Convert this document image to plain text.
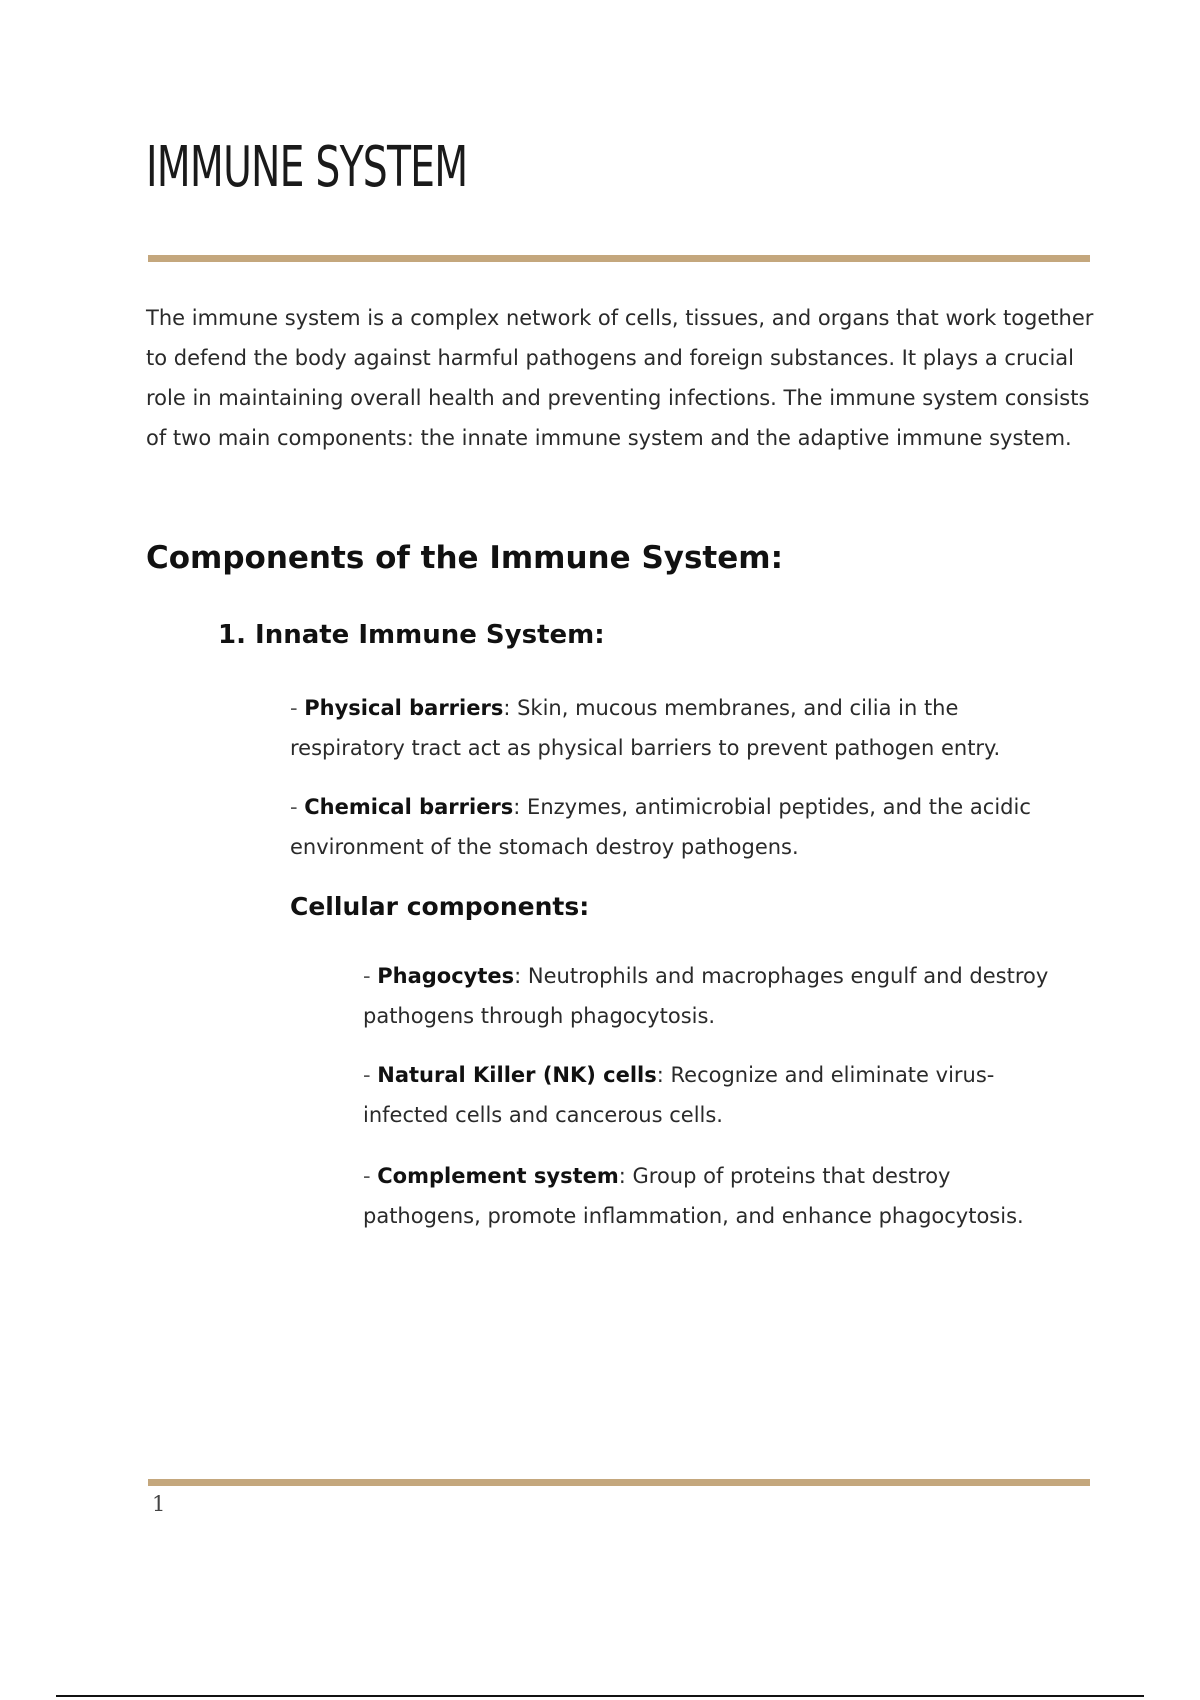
IMMUNE SYSTEM

The immune system is a complex network of cells, tissues, and organs that work together to defend the body against harmful pathogens and foreign substances. It plays a crucial role in maintaining overall health and preventing infections. The immune system consists of two main components: the innate immune system and the adaptive immune system.

Components of the Immune System:
1. Innate Immune System:

- Physical barriers: Skin, mucous membranes, and cilia in the respiratory tract act as physical barriers to prevent pathogen entry.

- Chemical barriers: Enzymes, antimicrobial peptides, and the acidic environment of the stomach destroy pathogens.

Cellular components:

- Phagocytes: Neutrophils and macrophages engulf and destroy pathogens through phagocytosis.

- Natural Killer (NK) cells: Recognize and eliminate virus-infected cells and cancerous cells.

- Complement system: Group of proteins that destroy pathogens, promote inflammation, and enhance phagocytosis.

1
